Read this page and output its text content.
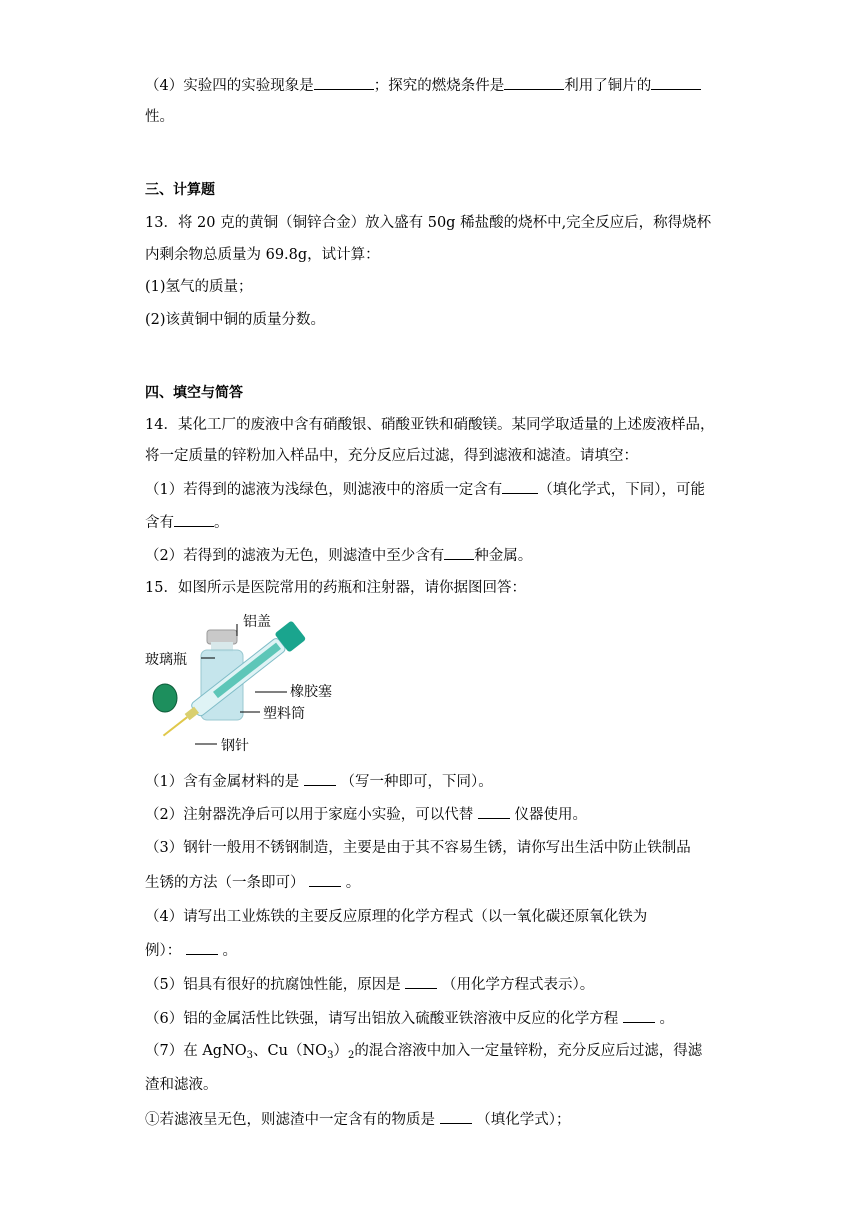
（4）实验四的实验现象是	；探究的燃烧条件是	利用了铜片的
性。
三、计算题
13．将 20 克的黄铜（铜锌合金）放入盛有 50g 稀盐酸的烧杯中,完全反应后，称得烧杯
内剩余物总质量为 69.8g，试计算：
(1)氢气的质量；
(2)该黄铜中铜的质量分数。
四、填空与简答
14．某化工厂的废液中含有硝酸银、硝酸亚铁和硝酸镁。某同学取适量的上述废液样品，
将一定质量的锌粉加入样品中，充分反应后过滤，得到滤液和滤渣。请填空：
（1）若得到的滤液为浅绿色，则滤液中的溶质一定含有 （填化学式，下同），可能
含有	。
（2）若得到的滤液为无色，则滤渣中至少含有 种金属。
15．如图所示是医院常用的药瓶和注射器，请你据图回答：
铝盖
玻璃瓶
橡胶塞
塑料筒
钢针
（1）含有金属材料的是	（写一种即可，下同）。
（2）注射器洗净后可以用于家庭小实验，可以代替	仪器使用。
（3）钢针一般用不锈钢制造，主要是由于其不容易生锈，请你写出生活中防止铁制品
生锈的方法（一条即可）	。
（4）请写出工业炼铁的主要反应原理的化学方程式（以一氧化碳还原氧化铁为
例）：	。
（5）铝具有很好的抗腐蚀性能，原因是	（用化学方程式表示）。
（6）铝的金属活性比铁强，请写出铝放入硫酸亚铁溶液中反应的化学方程	。
（7）在 AgNO$_3$、$Cu(NO_3)_2$的混合溶液中加入一定量锌粉，充分反应后过滤，得滤
渣和滤液。
①若滤液呈无色，则滤渣中一定含有的物质是	（填化学式）；
